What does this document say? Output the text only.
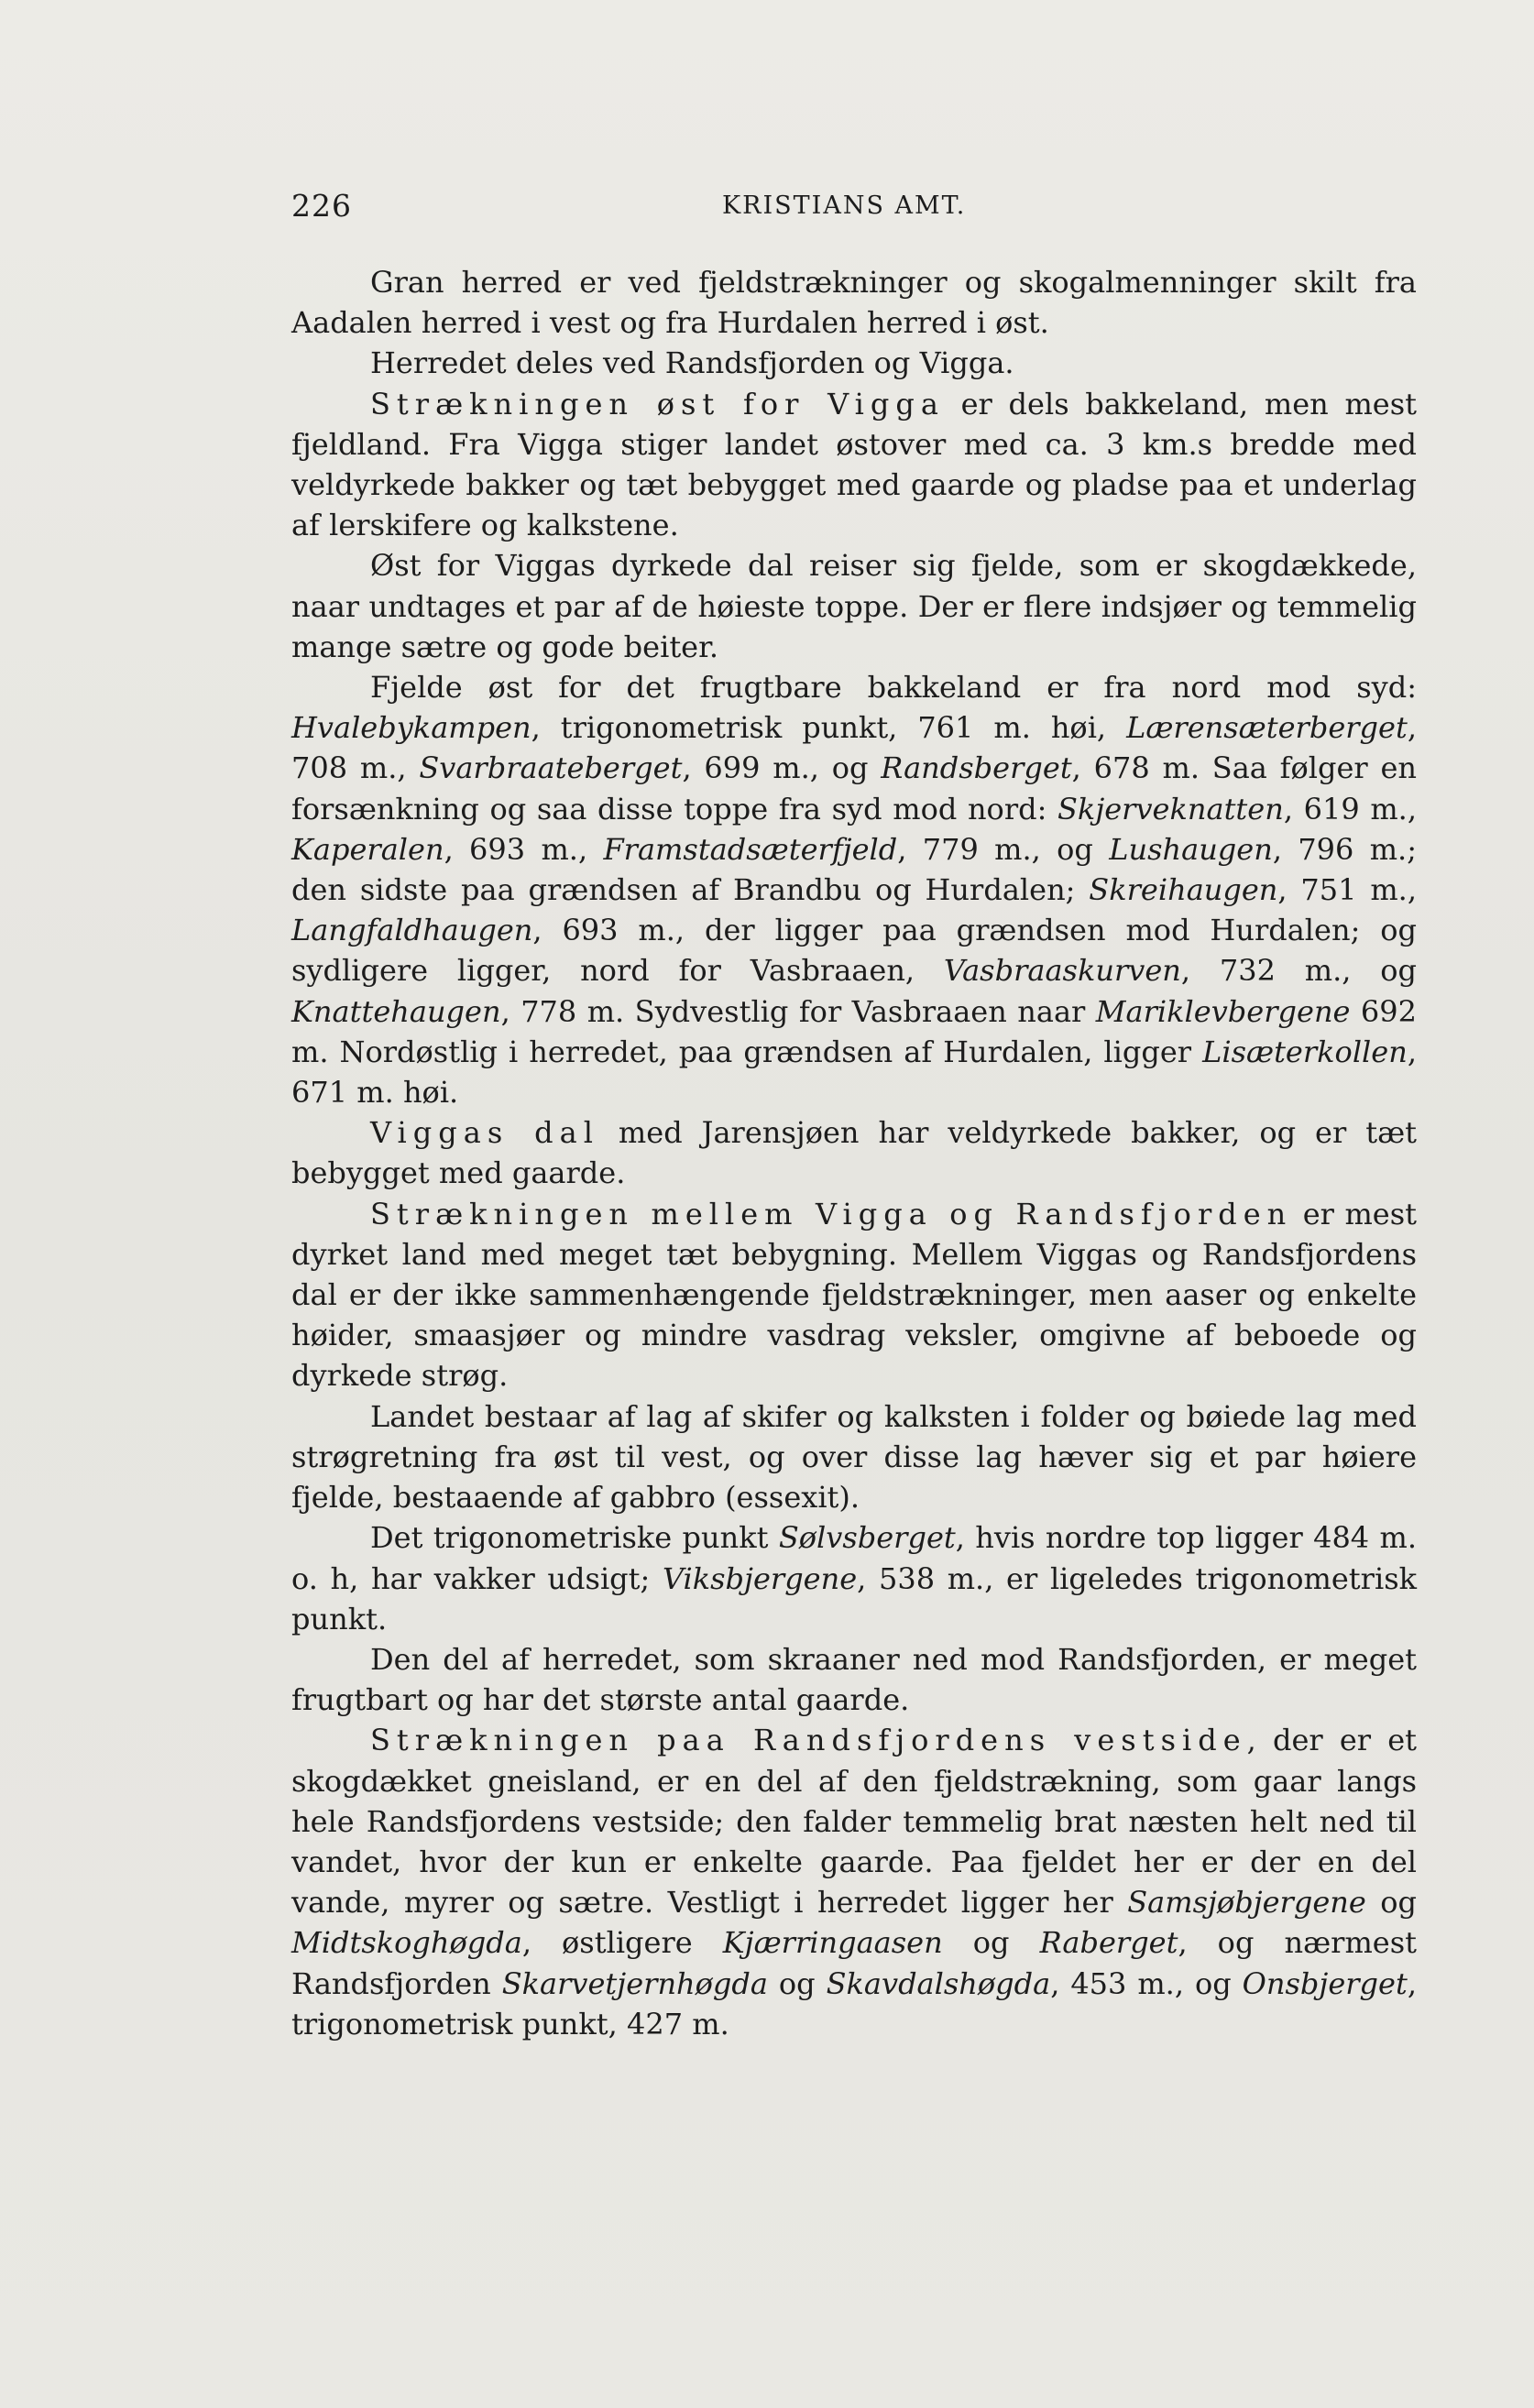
226	KRISTIANS AMT.

Gran herred er ved fjeldstrækninger og skogalmenninger skilt fra Aadalen herred i vest og fra Hurdalen herred i øst.

Herredet deles ved Randsfjorden og Vigga.

Strækningen øst for Vigga er dels bakkeland, men mest fjeldland. Fra Vigga stiger landet østover med ca. 3 km.s bredde med veldyrkede bakker og tæt bebygget med gaarde og pladse paa et underlag af lerskifere og kalkstene.

Øst for Viggas dyrkede dal reiser sig fjelde, som er skogdækkede, naar undtages et par af de høieste toppe. Der er flere indsjøer og temmelig mange sætre og gode beiter.

Fjelde øst for det frugtbare bakkeland er fra nord mod syd: Hvalebykampen, trigonometrisk punkt, 761 m. høi, Lærensæterberget, 708 m., Svarbraateberget, 699 m., og Randsberget, 678 m. Saa følger en forsænkning og saa disse toppe fra syd mod nord: Skjerveknatten, 619 m., Kaperalen, 693 m., Framstadsæterfjeld, 779 m., og Lushaugen, 796 m.; den sidste paa grændsen af Brandbu og Hurdalen; Skreihaugen, 751 m., Langfaldhaugen, 693 m., der ligger paa grændsen mod Hurdalen; og sydligere ligger, nord for Vasbraaen, Vasbraaskurven, 732 m., og Knattehaugen, 778 m. Sydvestlig for Vasbraaen naar Mariklevbergene 692 m. Nordøstlig i herredet, paa grændsen af Hurdalen, ligger Lisæterkollen, 671 m. høi.

Viggas dal med Jarensjøen har veldyrkede bakker, og er tæt bebygget med gaarde.

Strækningen mellem Vigga og Randsfjorden er mest dyrket land med meget tæt bebygning. Mellem Viggas og Randsfjordens dal er der ikke sammenhængende fjeldstrækninger, men aaser og enkelte høider, smaasjøer og mindre vasdrag veksler, omgivne af beboede og dyrkede strøg.

Landet bestaar af lag af skifer og kalksten i folder og bøiede lag med strøgretning fra øst til vest, og over disse lag hæver sig et par høiere fjelde, bestaaende af gabbro (essexit).

Det trigonometriske punkt Sølvsberget, hvis nordre top ligger 484 m. o. h, har vakker udsigt; Viksbjergene, 538 m., er ligeledes trigonometrisk punkt.

Den del af herredet, som skraaner ned mod Randsfjorden, er meget frugtbart og har det største antal gaarde.

Strækningen paa Randsfjordens vestside, der er et skogdækket gneisland, er en del af den fjeldstrækning, som gaar langs hele Randsfjordens vestside; den falder temmelig brat næsten helt ned til vandet, hvor der kun er enkelte gaarde. Paa fjeldet her er der en del vande, myrer og sætre. Vestligt i herredet ligger her Samsjøbjergene og Midtskoghøgda, østligere Kjærringaasen og Raberget, og nærmest Randsfjorden Skarvetjernhøgda og Skavdalshøgda, 453 m., og Onsbjerget, trigonometrisk punkt, 427 m.
